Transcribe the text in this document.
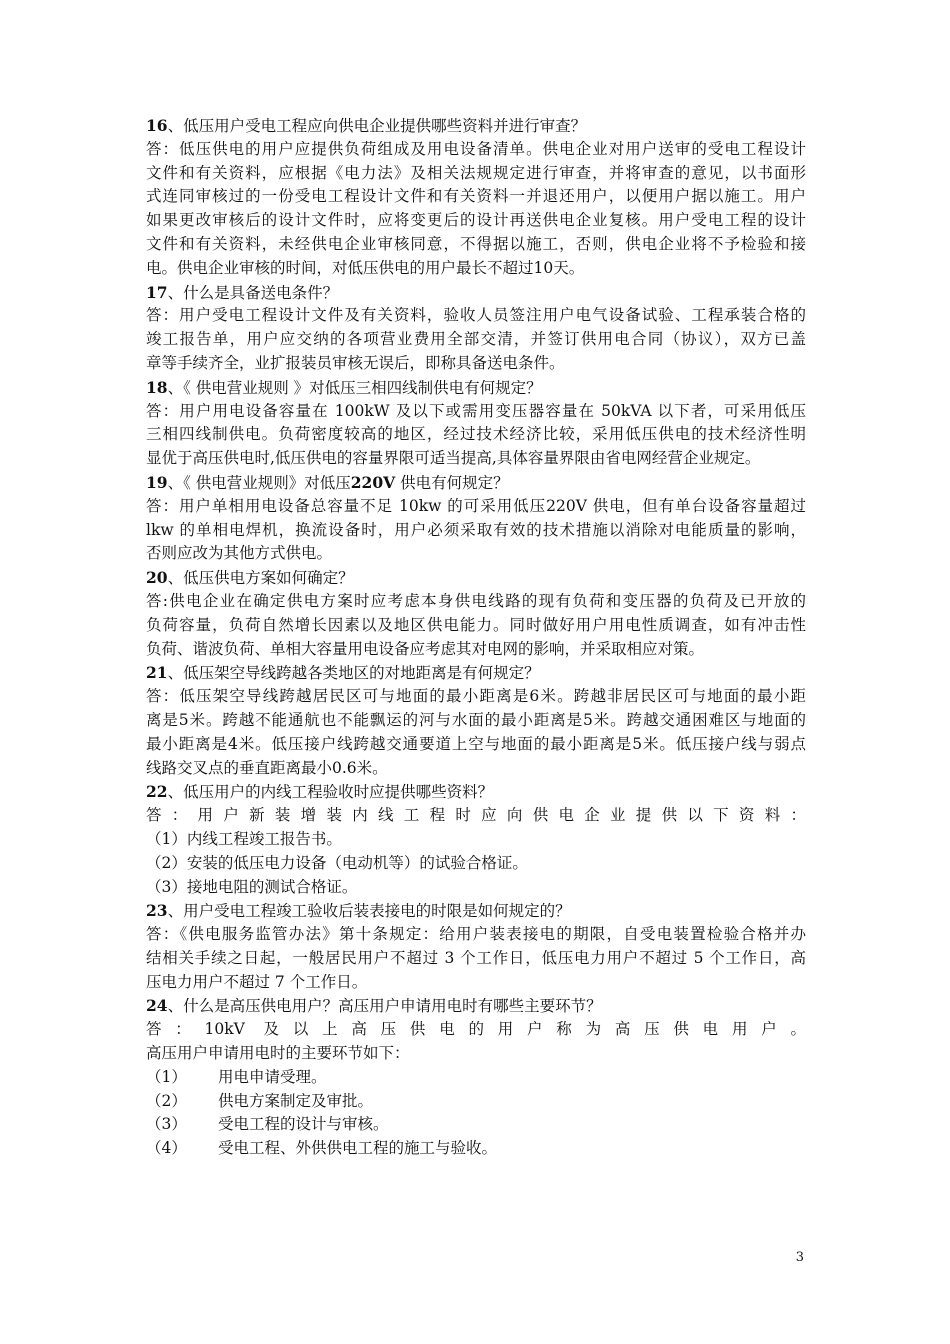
16、低压用户受电工程应向供电企业提供哪些资料并进行审查？
答：低压供电的用户应提供负荷组成及用电设备清单。供电企业对用户送审的受电工程设计
文件和有关资料，应根据《电力法》及相关法规规定进行审查，并将审查的意见，以书面形
式连同审核过的一份受电工程设计文件和有关资料一并退还用户，以便用户据以施工。用户
如果更改审核后的设计文件时，应将变更后的设计再送供电企业复核。用户受电工程的设计
文件和有关资料，未经供电企业审核同意，不得据以施工，否则，供电企业将不予检验和接
电。供电企业审核的时间，对低压供电的用户最长不超过10天。
17、什么是具备送电条件？
答：用户受电工程设计文件及有关资料，验收人员签注用户电气设备试验、工程承装合格的
竣工报告单，用户应交纳的各项营业费用全部交清，并签订供用电合同（协议），双方已盖
章等手续齐全，业扩报装员审核无误后，即称具备送电条件。
18、《 供电营业规则 》对低压三相四线制供电有何规定？
答：用户用电设备容量在 100kW 及以下或需用变压器容量在 50kVA 以下者，可采用低压
三相四线制供电。负荷密度较高的地区，经过技术经济比较，采用低压供电的技术经济性明
显优于高压供电时,低压供电的容量界限可适当提高,具体容量界限由省电网经营企业规定。
19、《 供电营业规则》对低压220V 供电有何规定？
答：用户单相用电设备总容量不足 10kw 的可采用低压220V 供电，但有单台设备容量超过
lkw 的单相电焊机，换流设备时，用户必须采取有效的技术措施以消除对电能质量的影响，
否则应改为其他方式供电。
20、低压供电方案如何确定？
答:供电企业在确定供电方案时应考虑本身供电线路的现有负荷和变压器的负荷及已开放的
负荷容量，负荷自然增长因素以及地区供电能力。同时做好用户用电性质调查，如有冲击性
负荷、谐波负荷、单相大容量用电设备应考虑其对电网的影响，并采取相应对策。
21、低压架空导线跨越各类地区的对地距离是有何规定？
答：低压架空导线跨越居民区可与地面的最小距离是6米。跨越非居民区可与地面的最小距
离是5米。跨越不能通航也不能飘运的河与水面的最小距离是5米。跨越交通困难区与地面的
最小距离是4米。低压接户线跨越交通要道上空与地面的最小距离是5米。低压接户线与弱点
线路交叉点的垂直距离最小0.6米。
22、低压用户的内线工程验收时应提供哪些资料？
答：用户新装增装内线工程时应向供电企业提供以下资料：
（1）内线工程竣工报告书。
（2）安装的低压电力设备（电动机等）的试验合格证。
（3）接地电阻的测试合格证。
23、用户受电工程竣工验收后装表接电的时限是如何规定的？
答：《供电服务监管办法》第十条规定：给用户装表接电的期限，自受电装置检验合格并办
结相关手续之日起，一般居民用户不超过 3 个工作日，低压电力用户不超过 5 个工作日，高
压电力用户不超过 7 个工作日。
24、什么是高压供电用户？高压用户申请用电时有哪些主要环节？
答：10kV 及以上高压供电的用户称为高压供电用户。
高压用户申请用电时的主要环节如下：
（1） 用电申请受理。
（2） 供电方案制定及审批。
（3） 受电工程的设计与审核。
（4） 受电工程、外供供电工程的施工与验收。
3
